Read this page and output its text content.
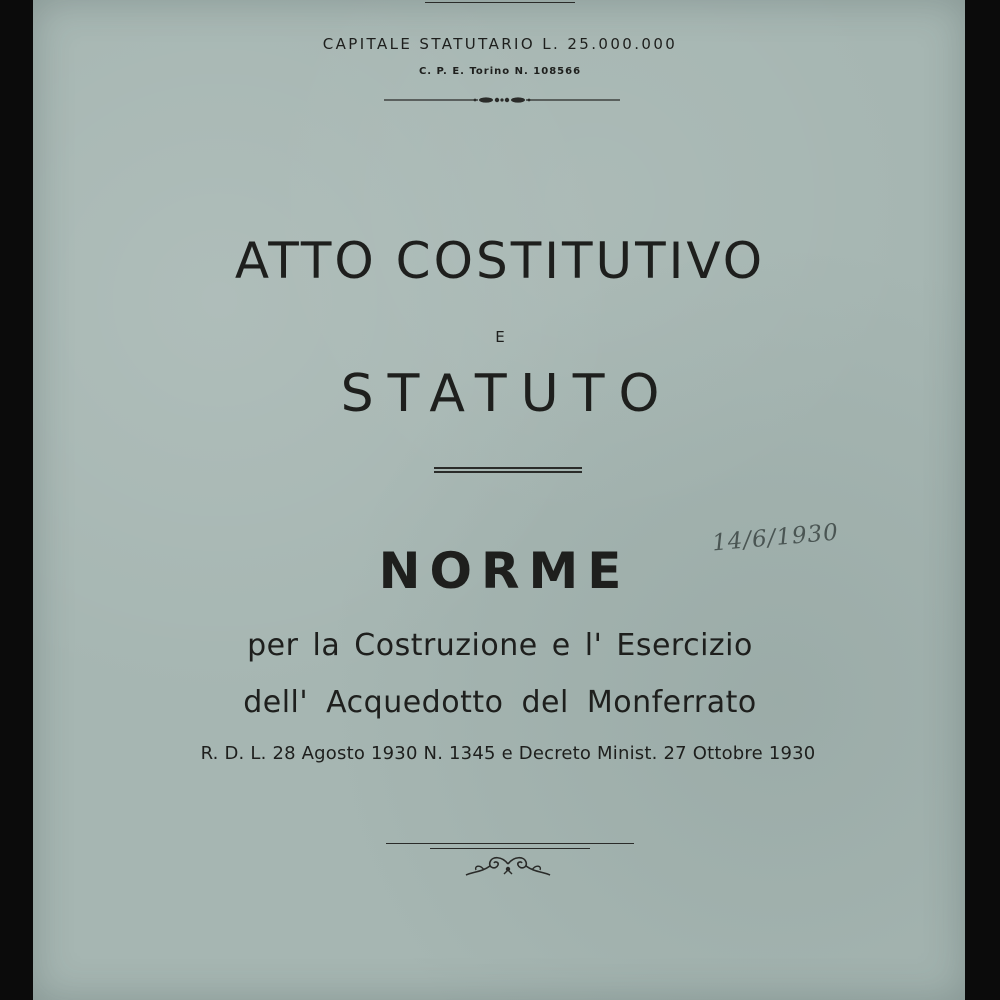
CAPITALE STATUTARIO L. 25.000.000
C. P. E. Torino N. 108566
ATTO COSTITUTIVO
E
STATUTO
14/6/1930
NORME
per la Costruzione e l' Esercizio
dell' Acquedotto del Monferrato
R. D. L. 28 Agosto 1930 N. 1345 e Decreto Minist. 27 Ottobre 1930
